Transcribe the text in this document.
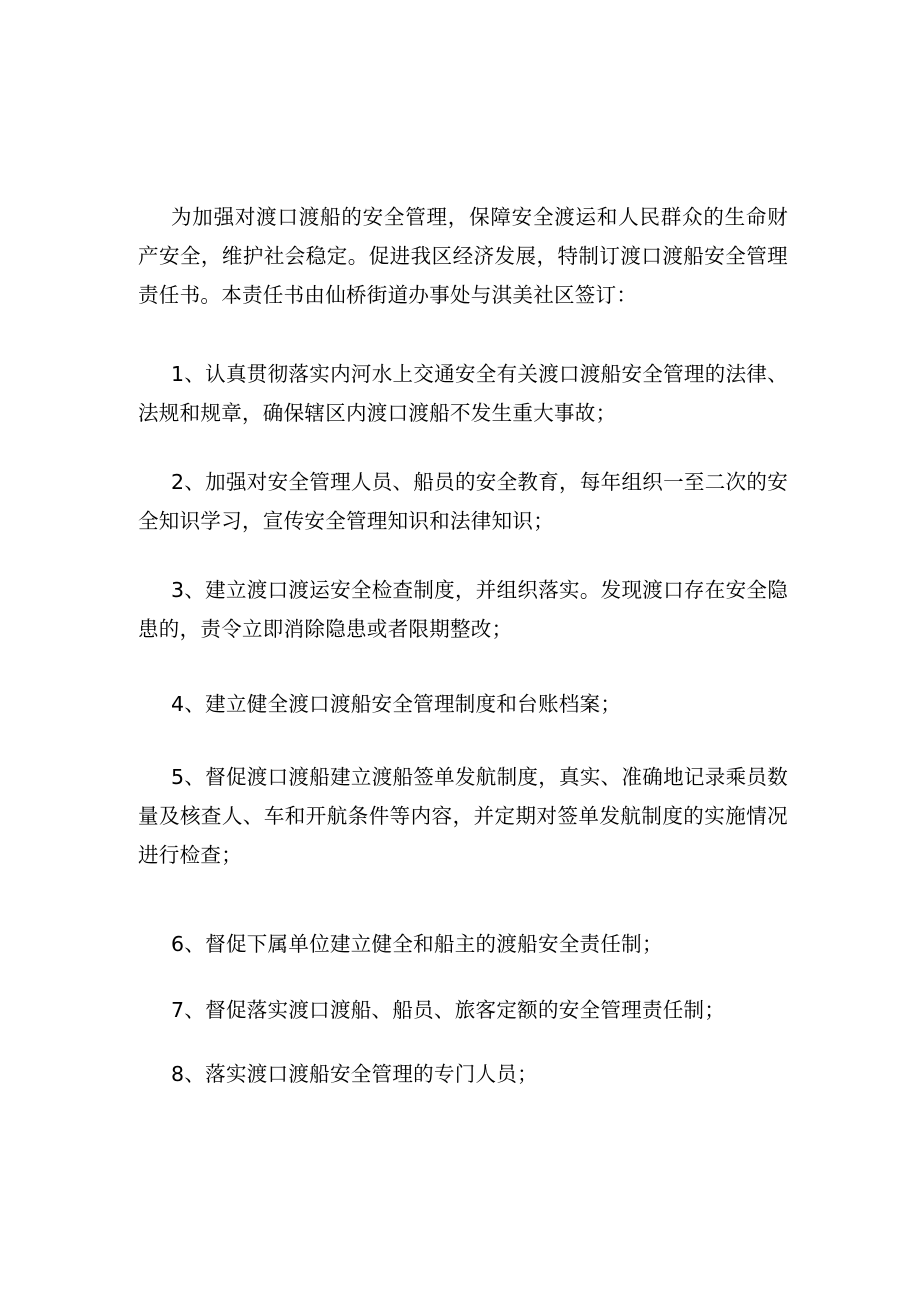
为加强对渡口渡船的安全管理，保障安全渡运和人民群众的生命财产安全，维护社会稳定。促进我区经济发展，特制订渡口渡船安全管理责任书。本责任书由仙桥街道办事处与淇美社区签订：

1、认真贯彻落实内河水上交通安全有关渡口渡船安全管理的法律、法规和规章，确保辖区内渡口渡船不发生重大事故；

2、加强对安全管理人员、船员的安全教育，每年组织一至二次的安全知识学习，宣传安全管理知识和法律知识；

3、建立渡口渡运安全检查制度，并组织落实。发现渡口存在安全隐患的，责令立即消除隐患或者限期整改；

4、建立健全渡口渡船安全管理制度和台账档案；

5、督促渡口渡船建立渡船签单发航制度，真实、准确地记录乘员数量及核查人、车和开航条件等内容，并定期对签单发航制度的实施情况进行检查；

6、督促下属单位建立健全和船主的渡船安全责任制；

7、督促落实渡口渡船、船员、旅客定额的安全管理责任制；

8、落实渡口渡船安全管理的专门人员；
